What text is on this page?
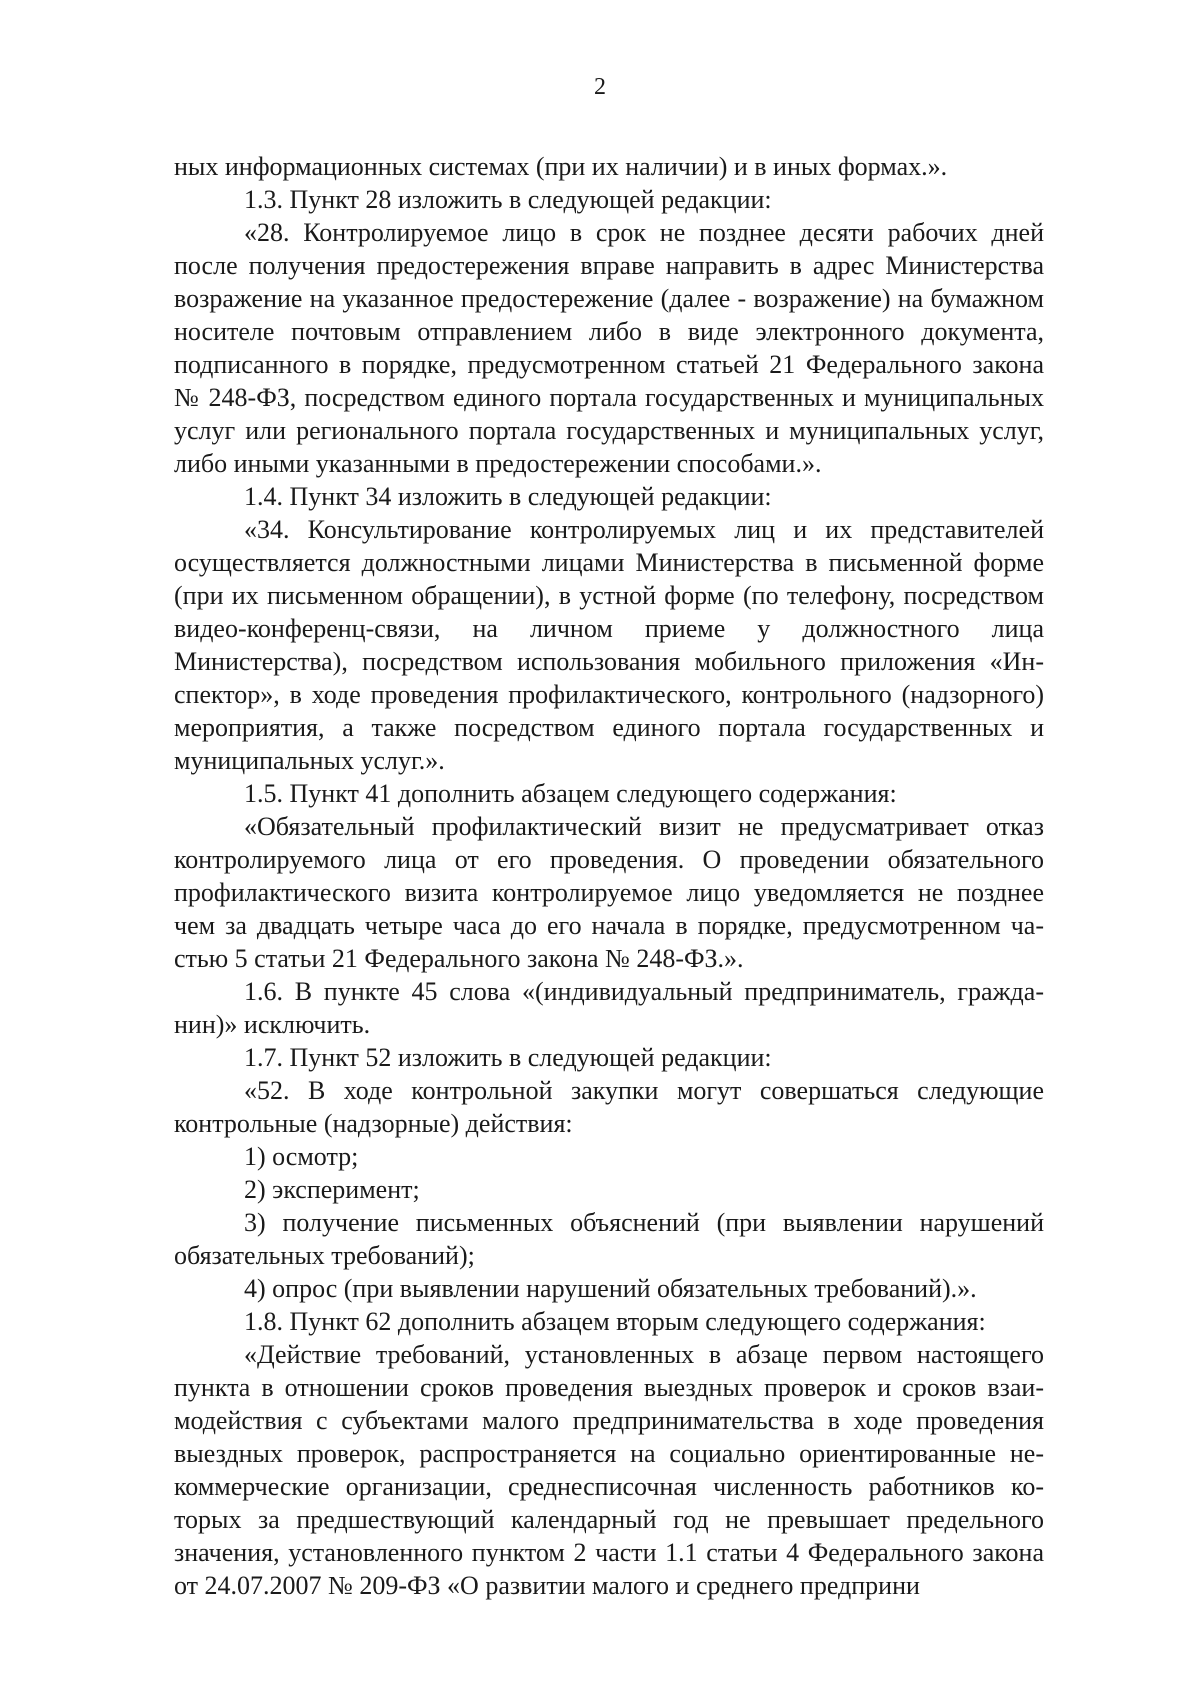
2

ных информационных системах (при их наличии) и в иных формах.».

1.3. Пункт 28 изложить в следующей редакции:

«28. Контролируемое лицо в срок не позднее десяти рабочих дней после получения предостережения вправе направить в адрес Министерства возражение на указанное предостережение (далее - возражение) на бумажном носителе почтовым отправлением либо в виде электронного документа, подписанного в порядке, предусмотренном статьей 21 Федерального закона № 248-ФЗ, посредством единого портала государственных и муниципальных услуг или регионального портала государственных и муниципальных услуг, либо иными указанными в предостережении способами.».

1.4. Пункт 34 изложить в следующей редакции:

«34. Консультирование контролируемых лиц и их представителей осуществляется должностными лицами Министерства в письменной форме (при их письменном обращении), в устной форме (по телефону, посредством видео-конференц-связи, на личном приеме у должностного лица Министерства), посредством использования мобильного приложения «Инспектор», в ходе проведения профилактического, контрольного (надзорного) мероприятия, а также посредством единого портала государственных и муниципальных услуг.».

1.5. Пункт 41 дополнить абзацем следующего содержания:

«Обязательный профилактический визит не предусматривает отказ контролируемого лица от его проведения. О проведении обязательного профилактического визита контролируемое лицо уведомляется не позднее чем за двадцать четыре часа до его начала в порядке, предусмотренном частью 5 статьи 21 Федерального закона № 248-ФЗ.».

1.6. В пункте 45 слова «(индивидуальный предприниматель, гражданин)» исключить.

1.7. Пункт 52 изложить в следующей редакции:

«52. В ходе контрольной закупки могут совершаться следующие контрольные (надзорные) действия:

1) осмотр;

2) эксперимент;

3) получение письменных объяснений (при выявлении нарушений обязательных требований);

4) опрос (при выявлении нарушений обязательных требований).».

1.8. Пункт 62 дополнить абзацем вторым следующего содержания:

«Действие требований, установленных в абзаце первом настоящего пункта в отношении сроков проведения выездных проверок и сроков взаимодействия с субъектами малого предпринимательства в ходе проведения выездных проверок, распространяется на социально ориентированные некоммерческие организации, среднесписочная численность работников которых за предшествующий календарный год не превышает предельного значения, установленного пунктом 2 части 1.1 статьи 4 Федерального закона от 24.07.2007 № 209-ФЗ «О развитии малого и среднего предприни
